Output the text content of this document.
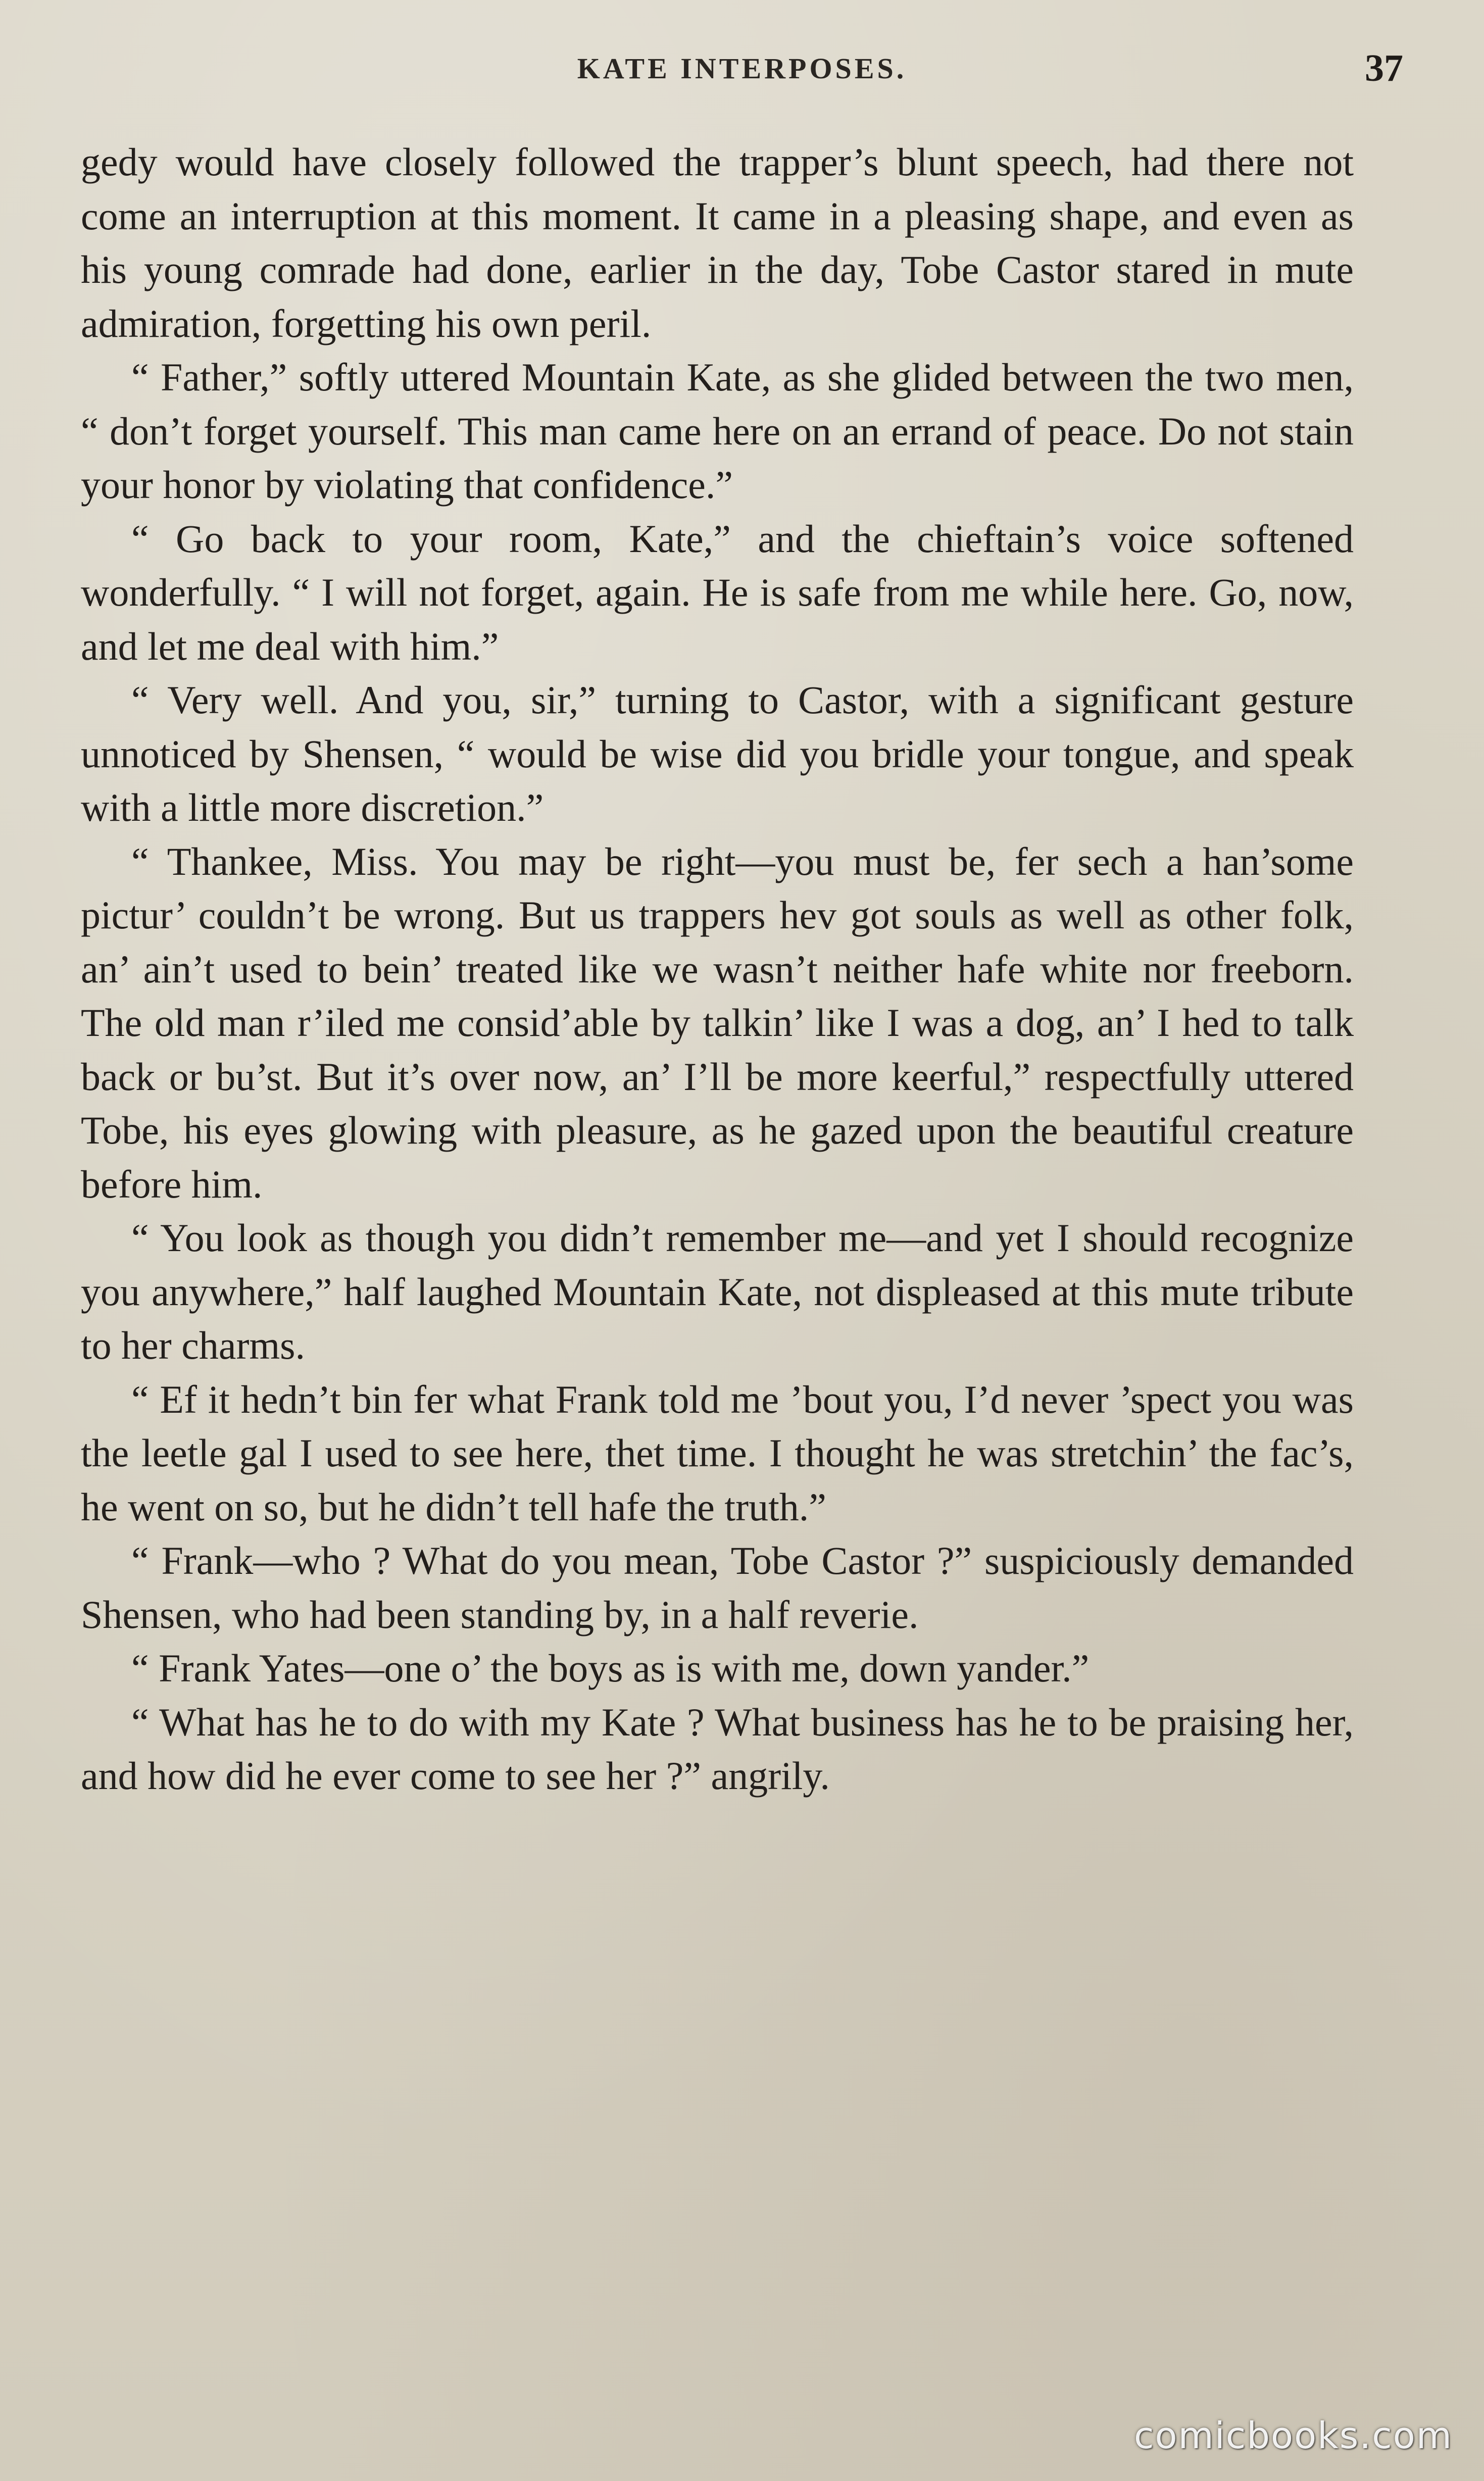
KATE INTERPOSES.	37

gedy would have closely followed the trapper’s blunt speech, had there not come an interruption at this moment. It came in a pleasing shape, and even as his young comrade had done, earlier in the day, Tobe Castor stared in mute admiration, forgetting his own peril.

“ Father,” softly uttered Mountain Kate, as she glided between the two men, “ don’t forget yourself. This man came here on an errand of peace. Do not stain your honor by violating that confidence.”

“ Go back to your room, Kate,” and the chieftain’s voice softened wonderfully. “ I will not forget, again. He is safe from me while here. Go, now, and let me deal with him.”

“ Very well. And you, sir,” turning to Castor, with a significant gesture unnoticed by Shensen, “ would be wise did you bridle your tongue, and speak with a little more discretion.”

“ Thankee, Miss. You may be right—you must be, fer sech a han’some pictur’ couldn’t be wrong. But us trappers hev got souls as well as other folk, an’ ain’t used to bein’ treated like we wasn’t neither hafe white nor freeborn. The old man r’iled me consid’able by talkin’ like I was a dog, an’ I hed to talk back or bu’st. But it’s over now, an’ I’ll be more keerful,” respectfully uttered Tobe, his eyes glowing with pleasure, as he gazed upon the beautiful creature before him.

“ You look as though you didn’t remember me—and yet I should recognize you anywhere,” half laughed Mountain Kate, not displeased at this mute tribute to her charms.

“ Ef it hedn’t bin fer what Frank told me ’bout you, I’d never ’spect you was the leetle gal I used to see here, thet time. I thought he was stretchin’ the fac’s, he went on so, but he didn’t tell hafe the truth.”

“ Frank—who ? What do you mean, Tobe Castor ?” suspiciously demanded Shensen, who had been standing by, in a half reverie.

“ Frank Yates—one o’ the boys as is with me, down yander.”

“ What has he to do with my Kate ? What business has he to be praising her, and how did he ever come to see her ?” angrily.

comicbooks.com
